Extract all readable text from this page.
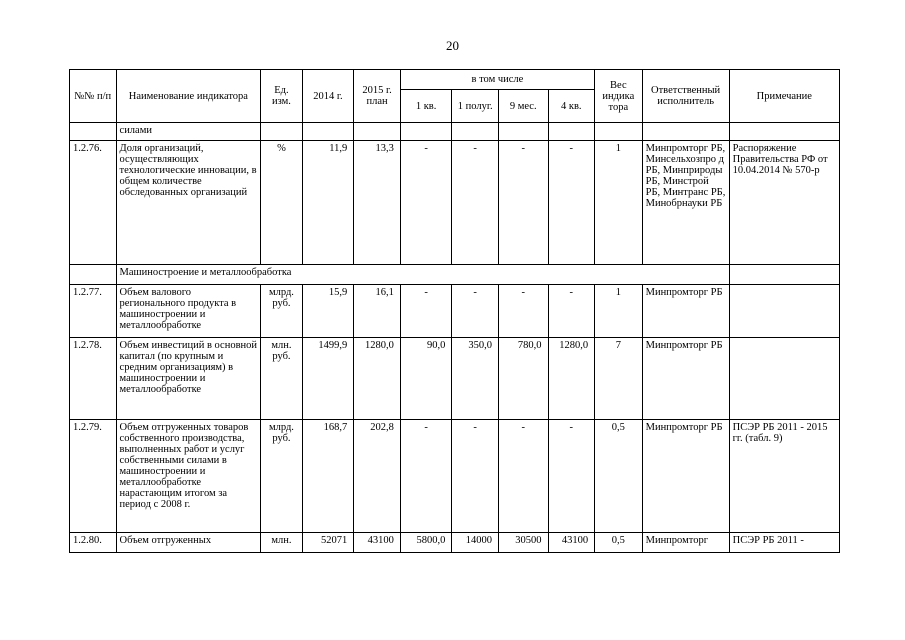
20
№№ п/п	Наименование индикатора	Ед. изм.	2014 г.	2015 г. план	в том числе				Вес индика тора	Ответственный исполнитель	Примечание
					1 кв.	1 полуг.	9 мес.	4 кв.			
	силами										
1.2.76.	Доля организаций, осуществляющих технологические инновации, в общем количестве обследованных организаций	%	11,9	13,3	-	-	-	-	1	Минпромторг РБ, Минсельхозпро д РБ, Минприроды РБ, Минстрой РБ, Минтранс РБ, Минобрнауки РБ	Распоряжение Правительства РФ от 10.04.2014 № 570-р
	Машиностроение и металлообработка										
1.2.77.	Объем валового регионального продукта в машиностроении и металлообработке	млрд. руб.	15,9	16,1	-	-	-	-	1	Минпромторг РБ	
1.2.78.	Объем инвестиций в основной капитал (по крупным и средним организациям) в машиностроении и металлообработке	млн. руб.	1499,9	1280,0	90,0	350,0	780,0	1280,0	7	Минпромторг РБ	
1.2.79.	Объем отгруженных товаров собственного производства, выполненных работ и услуг собственными силами в машиностроении и металлообработке нарастающим итогом за период с 2008 г.	млрд. руб.	168,7	202,8	-	-	-	-	0,5	Минпромторг РБ	ПСЭР РБ 2011 - 2015 гг. (табл. 9)
1.2.80.	Объем отгруженных	млн.	52071	43100	5800,0	14000	30500	43100	0,5	Минпромторг	ПСЭР РБ 2011 -
